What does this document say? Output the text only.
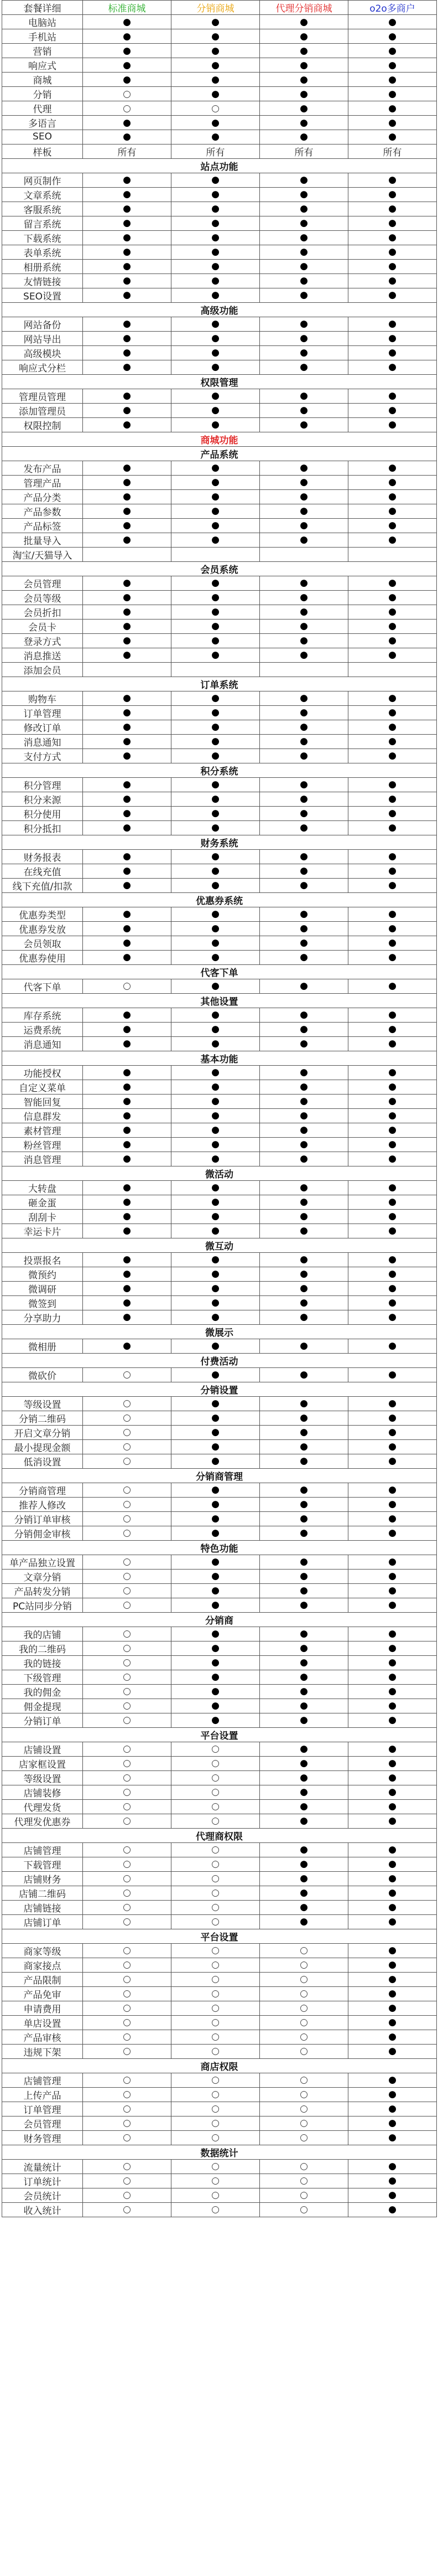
套餐详细	标准商城	分销商城	代理分销商城	o2o多商户
电脑站	●	●	●	●
手机站	●	●	●	●
营销	●	●	●	●
响应式	●	●	●	●
商城	●	●	●	●
分销	○	●	●	●
代理	○	○	●	●
多语言	●	●	●	●
SEO	●	●	●	●
样板	所有	所有	所有	所有
站点功能				
网页制作	●	●	●	●
文章系统	●	●	●	●
客服系统	●	●	●	●
留言系统	●	●	●	●
下载系统	●	●	●	●
表单系统	●	●	●	●
相册系统	●	●	●	●
友情链接	●	●	●	●
SEO设置	●	●	●	●
高级功能				
网站备份	●	●	●	●
网站导出	●	●	●	●
高级模块	●	●	●	●
响应式分栏	●	●	●	●
权限管理				
管理员管理	●	●	●	●
添加管理员	●	●	●	●
权限控制	●	●	●	●
商城功能				
产品系统				
发布产品	●	●	●	●
管理产品	●	●	●	●
产品分类	●	●	●	●
产品参数	●	●	●	●
产品标签	●	●	●	●
批量导入	●	●	●	●
淘宝/天猫导入				
会员系统				
会员管理	●	●	●	●
会员等级	●	●	●	●
会员折扣	●	●	●	●
会员卡	●	●	●	●
登录方式	●	●	●	●
消息推送	●	●	●	●
添加会员				
订单系统				
购物车	●	●	●	●
订单管理	●	●	●	●
修改订单	●	●	●	●
消息通知	●	●	●	●
支付方式	●	●	●	●
积分系统				
积分管理	●	●	●	●
积分来源	●	●	●	●
积分使用	●	●	●	●
积分抵扣	●	●	●	●
财务系统				
财务报表	●	●	●	●
在线充值	●	●	●	●
线下充值/扣款	●	●	●	●
优惠券系统				
优惠券类型	●	●	●	●
优惠券发放	●	●	●	●
会员领取	●	●	●	●
优惠券使用	●	●	●	●
代客下单				
代客下单	○	●	●	●
其他设置				
库存系统	●	●	●	●
运费系统	●	●	●	●
消息通知	●	●	●	●
基本功能				
功能授权	●	●	●	●
自定义菜单	●	●	●	●
智能回复	●	●	●	●
信息群发	●	●	●	●
素材管理	●	●	●	●
粉丝管理	●	●	●	●
消息管理	●	●	●	●
微活动				
大转盘	●	●	●	●
砸金蛋	●	●	●	●
刮刮卡	●	●	●	●
幸运卡片	●	●	●	●
微互动				
投票报名	●	●	●	●
微预约	●	●	●	●
微调研	●	●	●	●
微签到	●	●	●	●
分享助力	●	●	●	●
微展示				
微相册	●	●	●	●
付费活动				
微砍价	○	●	●	●
分销设置				
等级设置	○	●	●	●
分销二维码	○	●	●	●
开启文章分销	○	●	●	●
最小提现金额	○	●	●	●
低消设置	○	●	●	●
分销商管理				
分销商管理	○	●	●	●
推荐人修改	○	●	●	●
分销订单审核	○	●	●	●
分销佣金审核	○	●	●	●
特色功能				
单产品独立设置	○	●	●	●
文章分销	○	●	●	●
产品转发分销	○	●	●	●
PC站同步分销	○	●	●	●
分销商				
我的店铺	○	●	●	●
我的二维码	○	●	●	●
我的链接	○	●	●	●
下级管理	○	●	●	●
我的佣金	○	●	●	●
佣金提现	○	●	●	●
分销订单	○	●	●	●
平台设置				
店铺设置	○	○	●	●
店家框设置	○	○	●	●
等级设置	○	○	●	●
店铺装修	○	○	●	●
代理发货	○	○	●	●
代理发优惠券	○	○	●	●
代理商权限				
店铺管理	○	○	●	●
下载管理	○	○	●	●
店铺财务	○	○	●	●
店铺二维码	○	○	●	●
店铺链接	○	○	●	●
店铺订单	○	○	●	●
平台设置				
商家等级	○	○	○	●
商家接点	○	○	○	●
产品限制	○	○	○	●
产品免审	○	○	○	●
申请费用	○	○	○	●
单店设置	○	○	○	●
产品审核	○	○	○	●
违规下架	○	○	○	●
商店权限				
店铺管理	○	○	○	●
上传产品	○	○	○	●
订单管理	○	○	○	●
会员管理	○	○	○	●
财务管理	○	○	○	●
数据统计				
流量统计	○	○	○	●
订单统计	○	○	○	●
会员统计	○	○	○	●
收入统计	○	○	○	●
